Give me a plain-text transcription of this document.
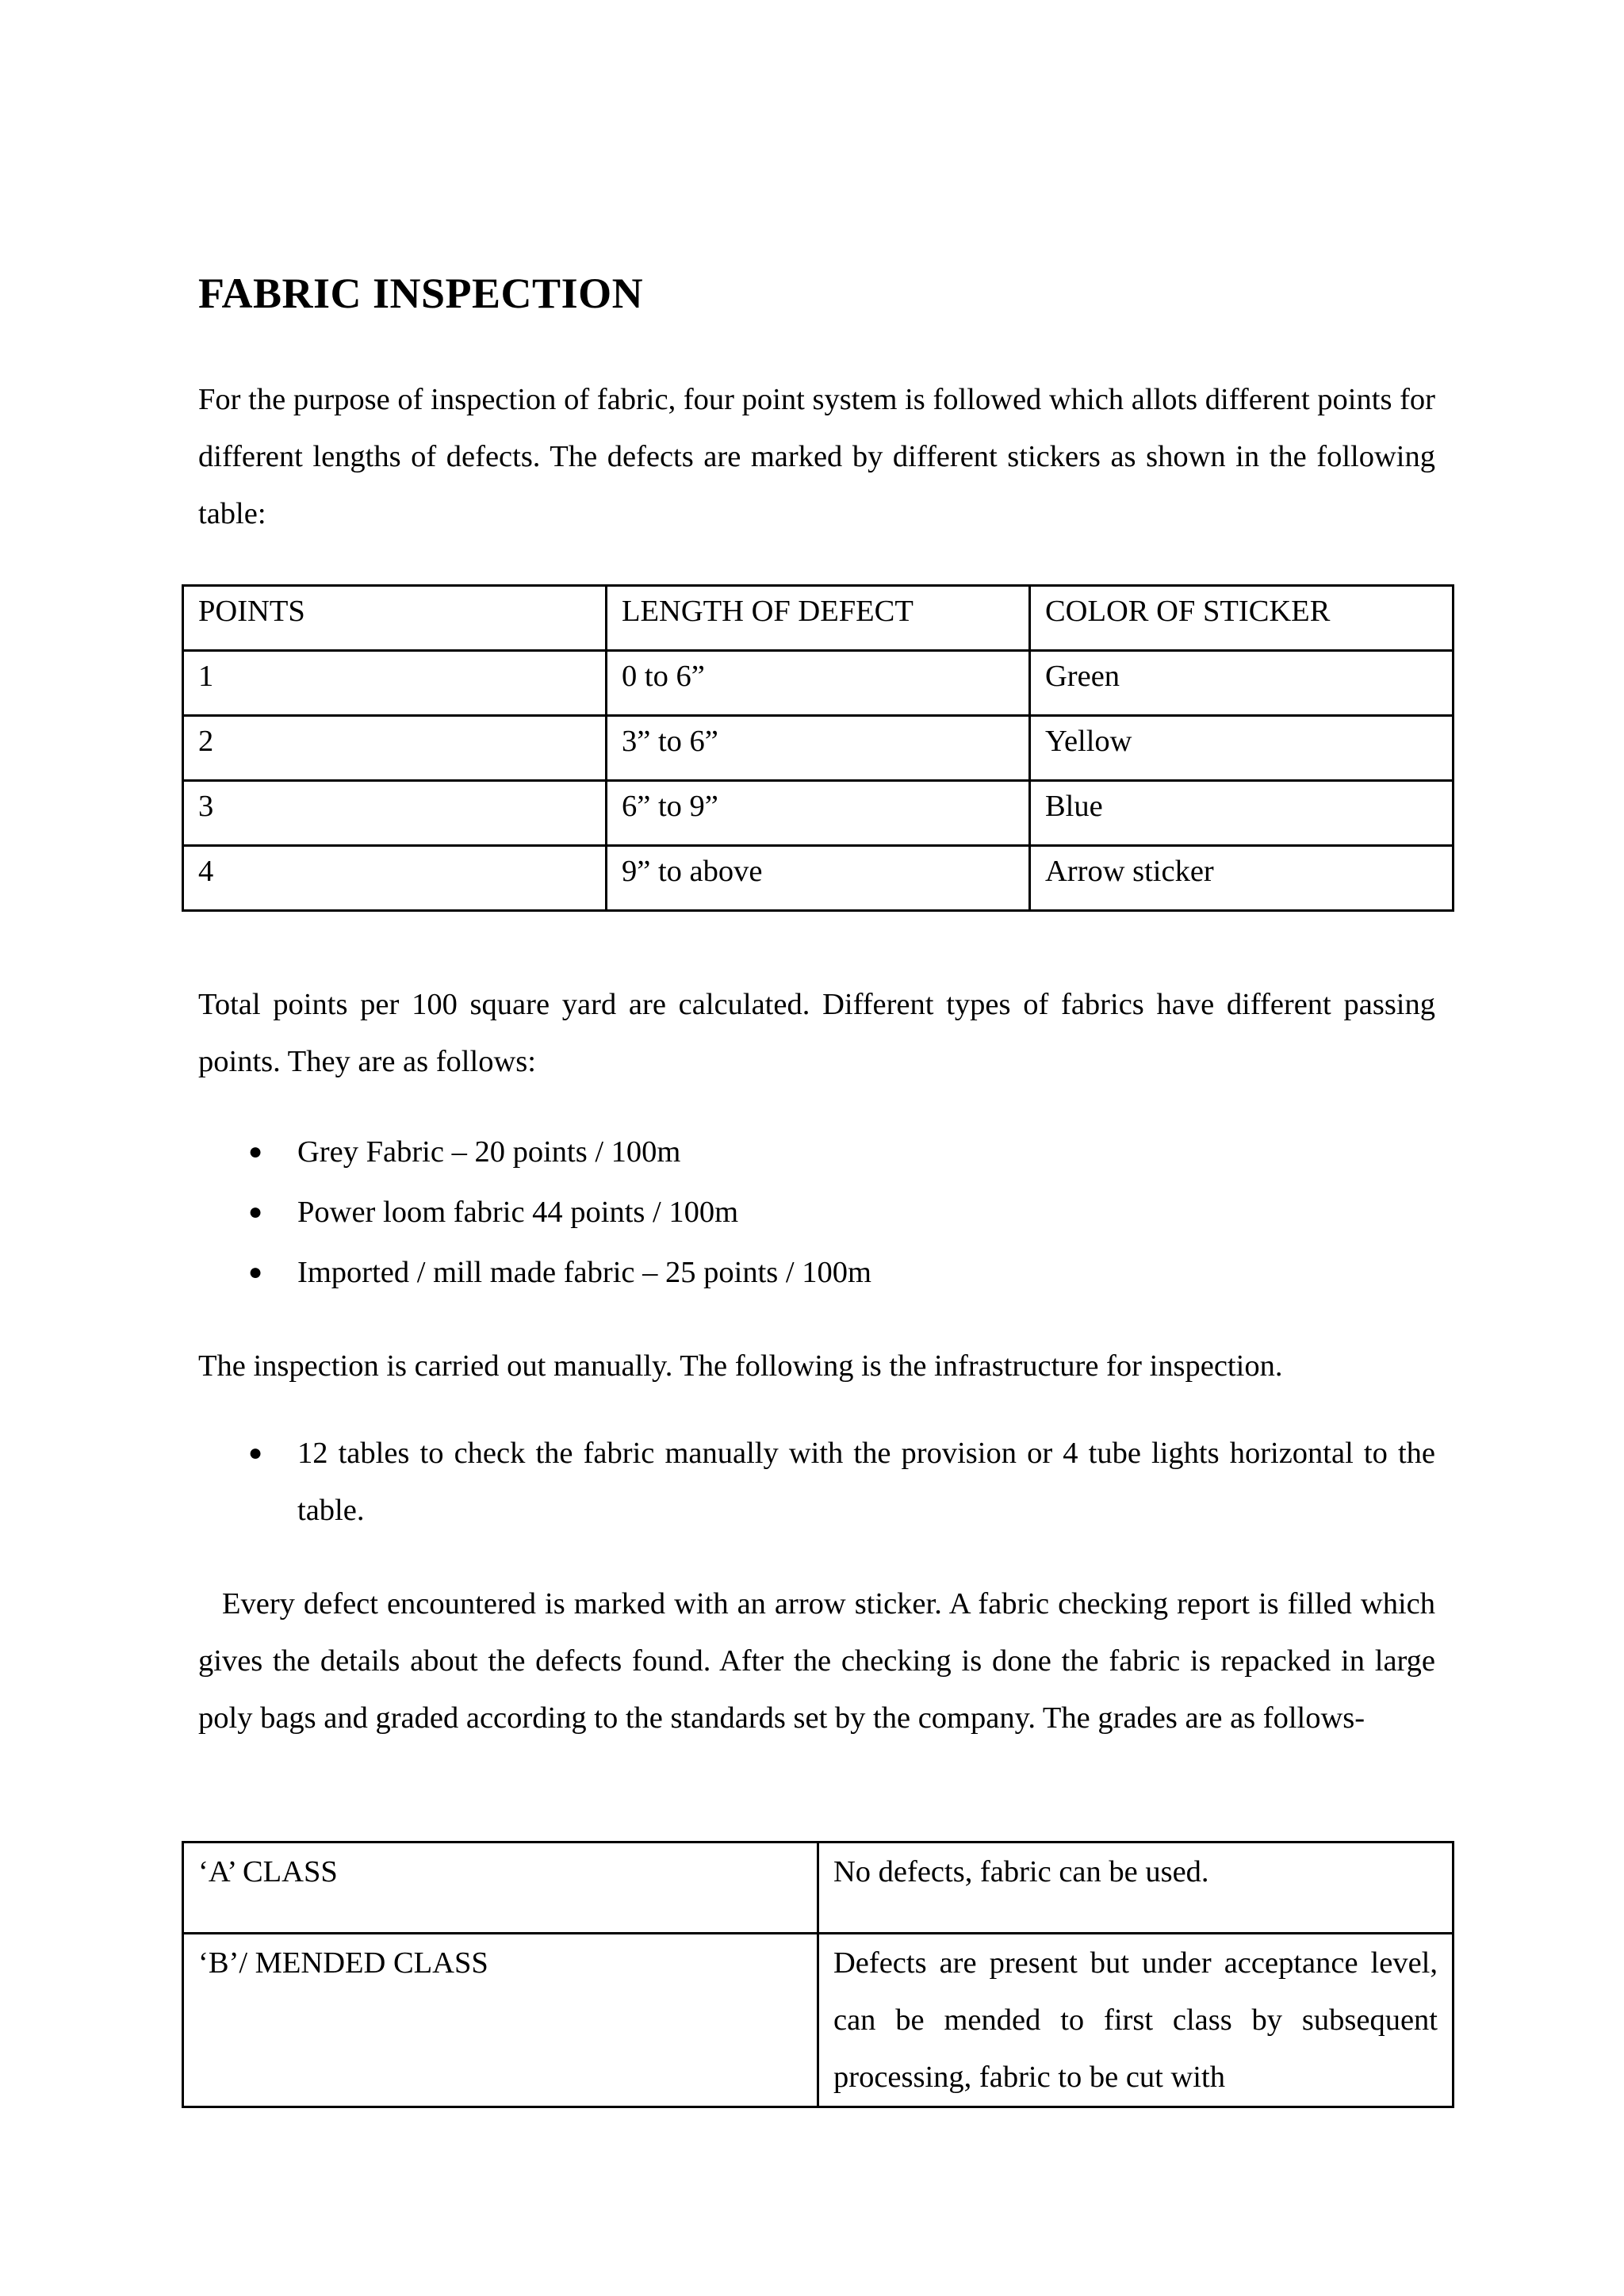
FABRIC INSPECTION

For the purpose of inspection of fabric, four point system is followed which allots different points for different lengths of defects. The defects are marked by different stickers as shown in the following table:

POINTS	LENGTH OF DEFECT	COLOR OF STICKER
1	0 to 6”	Green
2	3” to 6”	Yellow
3	6” to 9”	Blue
4	9” to above	Arrow sticker

Total points per 100 square yard are calculated. Different types of fabrics have different passing points. They are as follows:

● Grey Fabric – 20 points / 100m
● Power loom fabric 44 points / 100m
● Imported / mill made fabric – 25 points / 100m

The inspection is carried out manually. The following is the infrastructure for inspection.

● 12 tables to check the fabric manually with the provision or 4 tube lights horizontal to the table.

Every defect encountered is marked with an arrow sticker. A fabric checking report is filled which gives the details about the defects found. After the checking is done the fabric is repacked in large poly bags and graded according to the standards set by the company. The grades are as follows-

‘A’ CLASS	No defects, fabric can be used.
‘B’/ MENDED CLASS	Defects are present but under acceptance level, can be mended to first class by subsequent processing, fabric to be cut with
